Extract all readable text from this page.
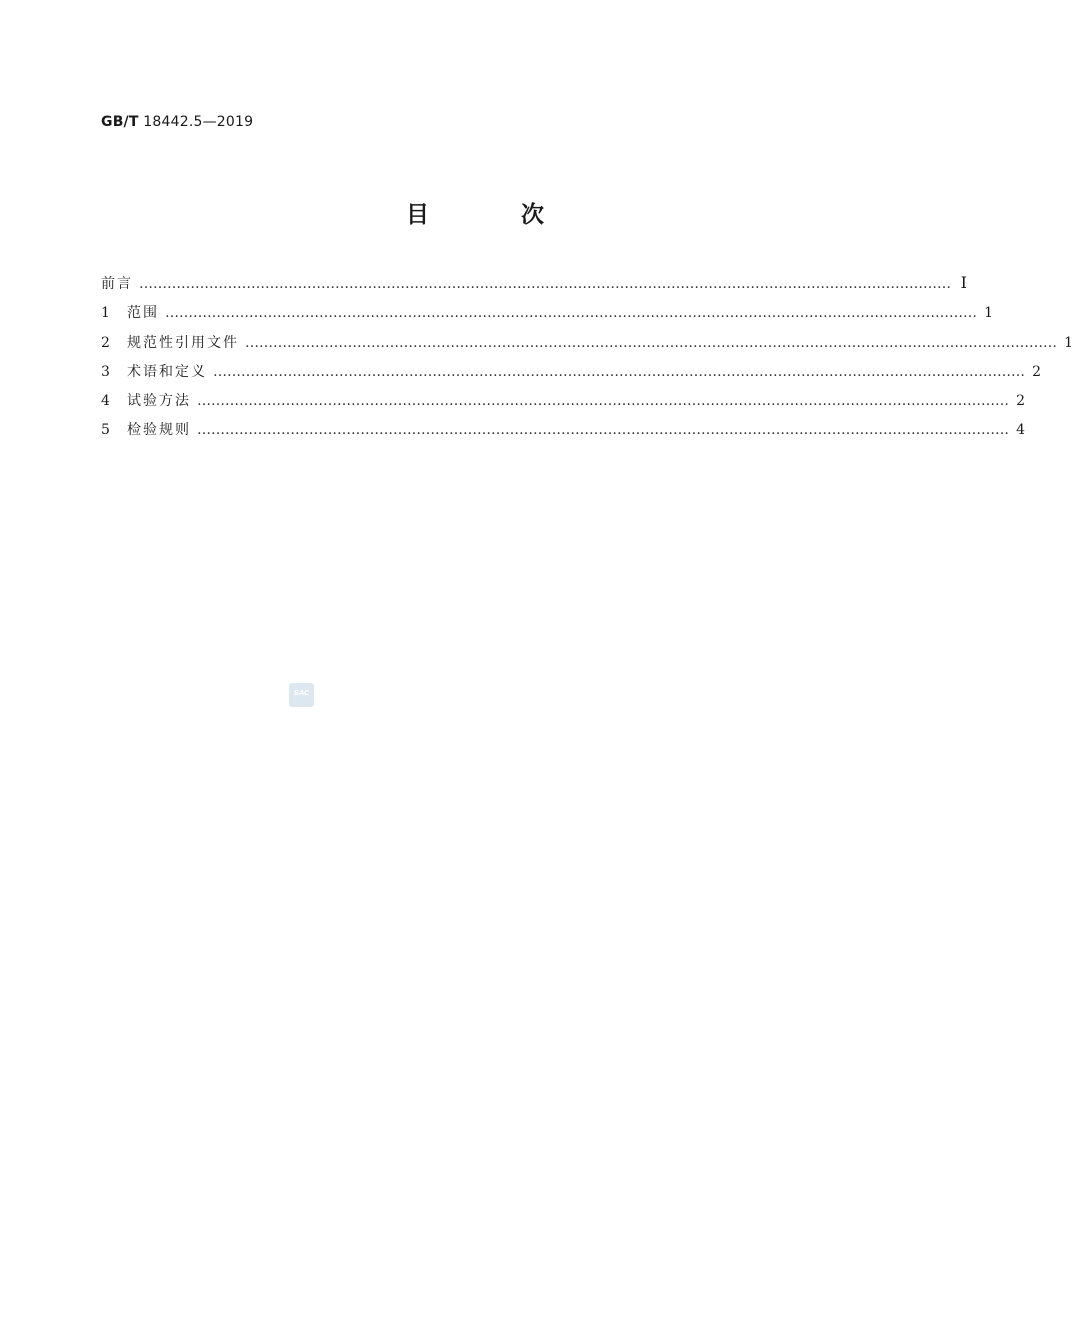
GB/T 18442.5—2019
目 次
前言 ………………………………………………………………………………………………………………………………………………………… Ⅰ
1	范围 ………………………………………………………………………………………………………………………………………………………… 1
2	规范性引用文件 ………………………………………………………………………………………………………………………………………………………… 1
3	术语和定义 ………………………………………………………………………………………………………………………………………………………… 2
4	试验方法 ………………………………………………………………………………………………………………………………………………………… 2
5	检验规则 ………………………………………………………………………………………………………………………………………………………… 4
SAC
